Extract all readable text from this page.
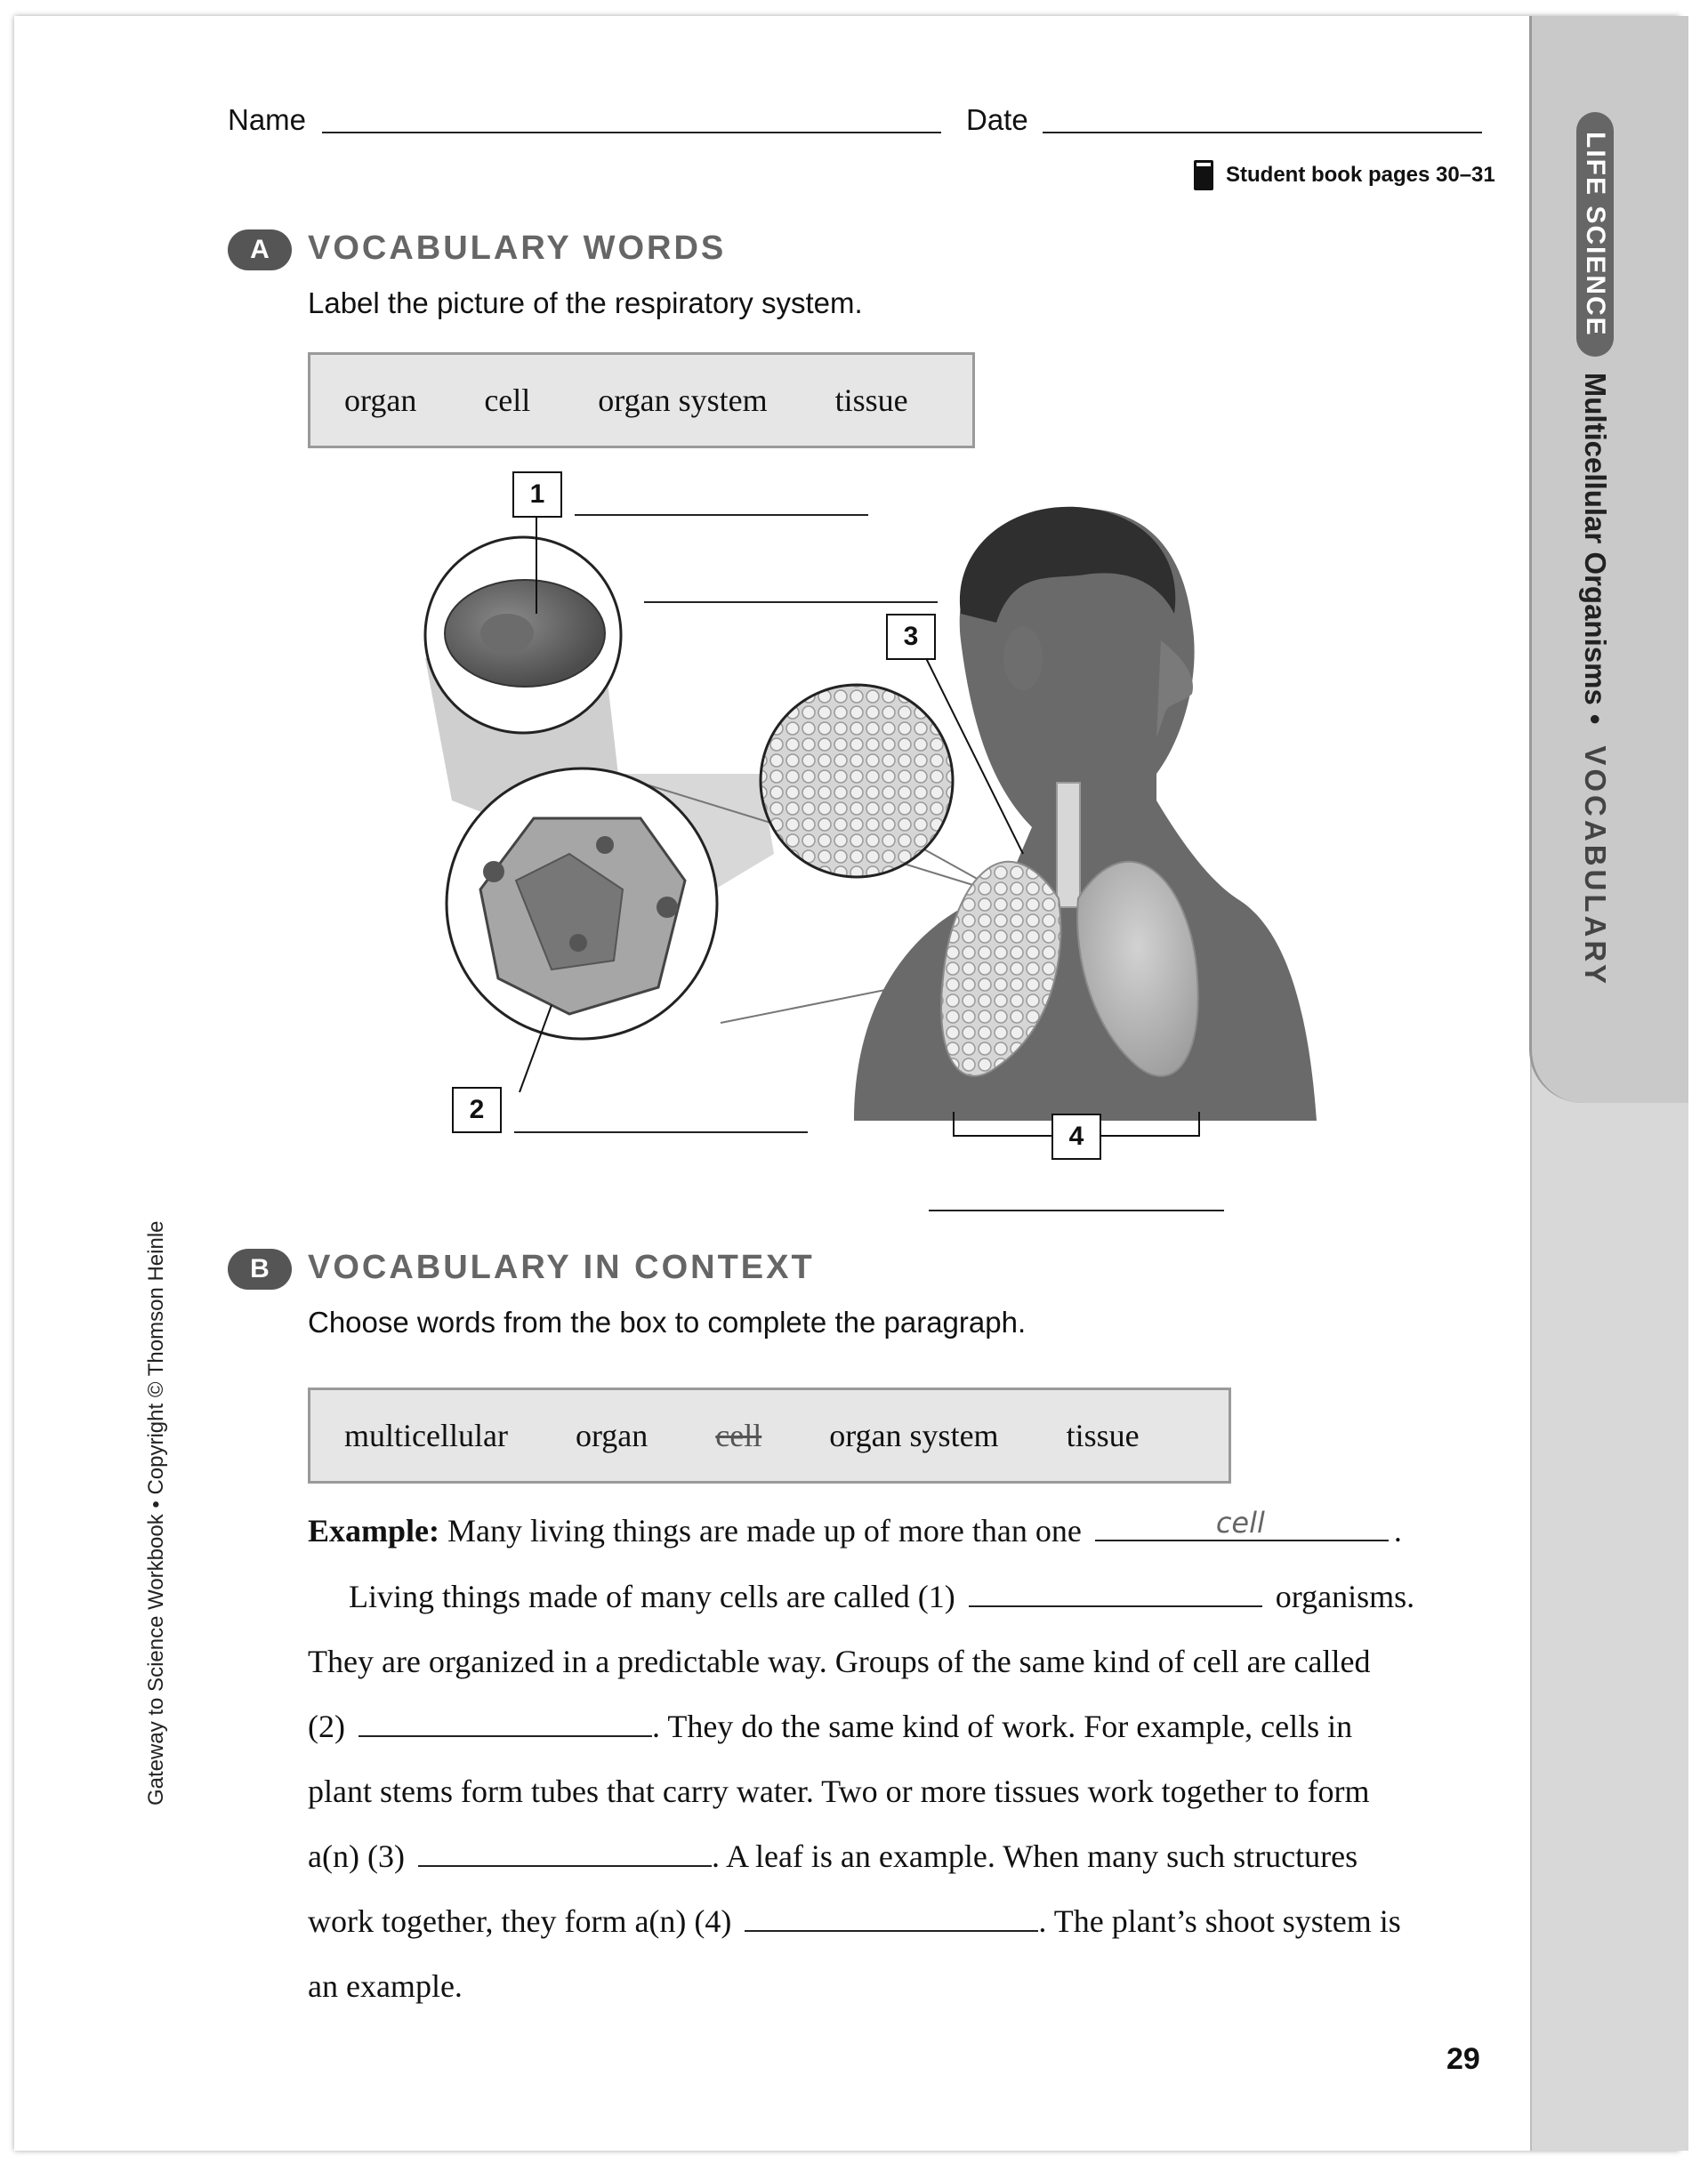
LIFE SCIENCE
Multicellular Organisms
•
VOCABULARY
Name	Date
Student book pages 30–31
A	VOCABULARY WORDS
Label the picture of the respiratory system.
organ cell organ system tissue
1
2
3
4
B	VOCABULARY IN CONTEXT
Choose words from the box to complete the paragraph.
multicellular organ cell organ system tissue
Example: Many living things are made up of more than one	cell	.
Living things made of many cells are called (1)	organisms.
They are organized in a predictable way. Groups of the same kind of cell are called
(2)	. They do the same kind of work. For example, cells in
plant stems form tubes that carry water. Two or more tissues work together to form
a(n) (3)	. A leaf is an example. When many such structures
work together, they form a(n) (4)	. The plant’s shoot system is
an example.
Gateway to Science Workbook • Copyright © Thomson Heinle
29
